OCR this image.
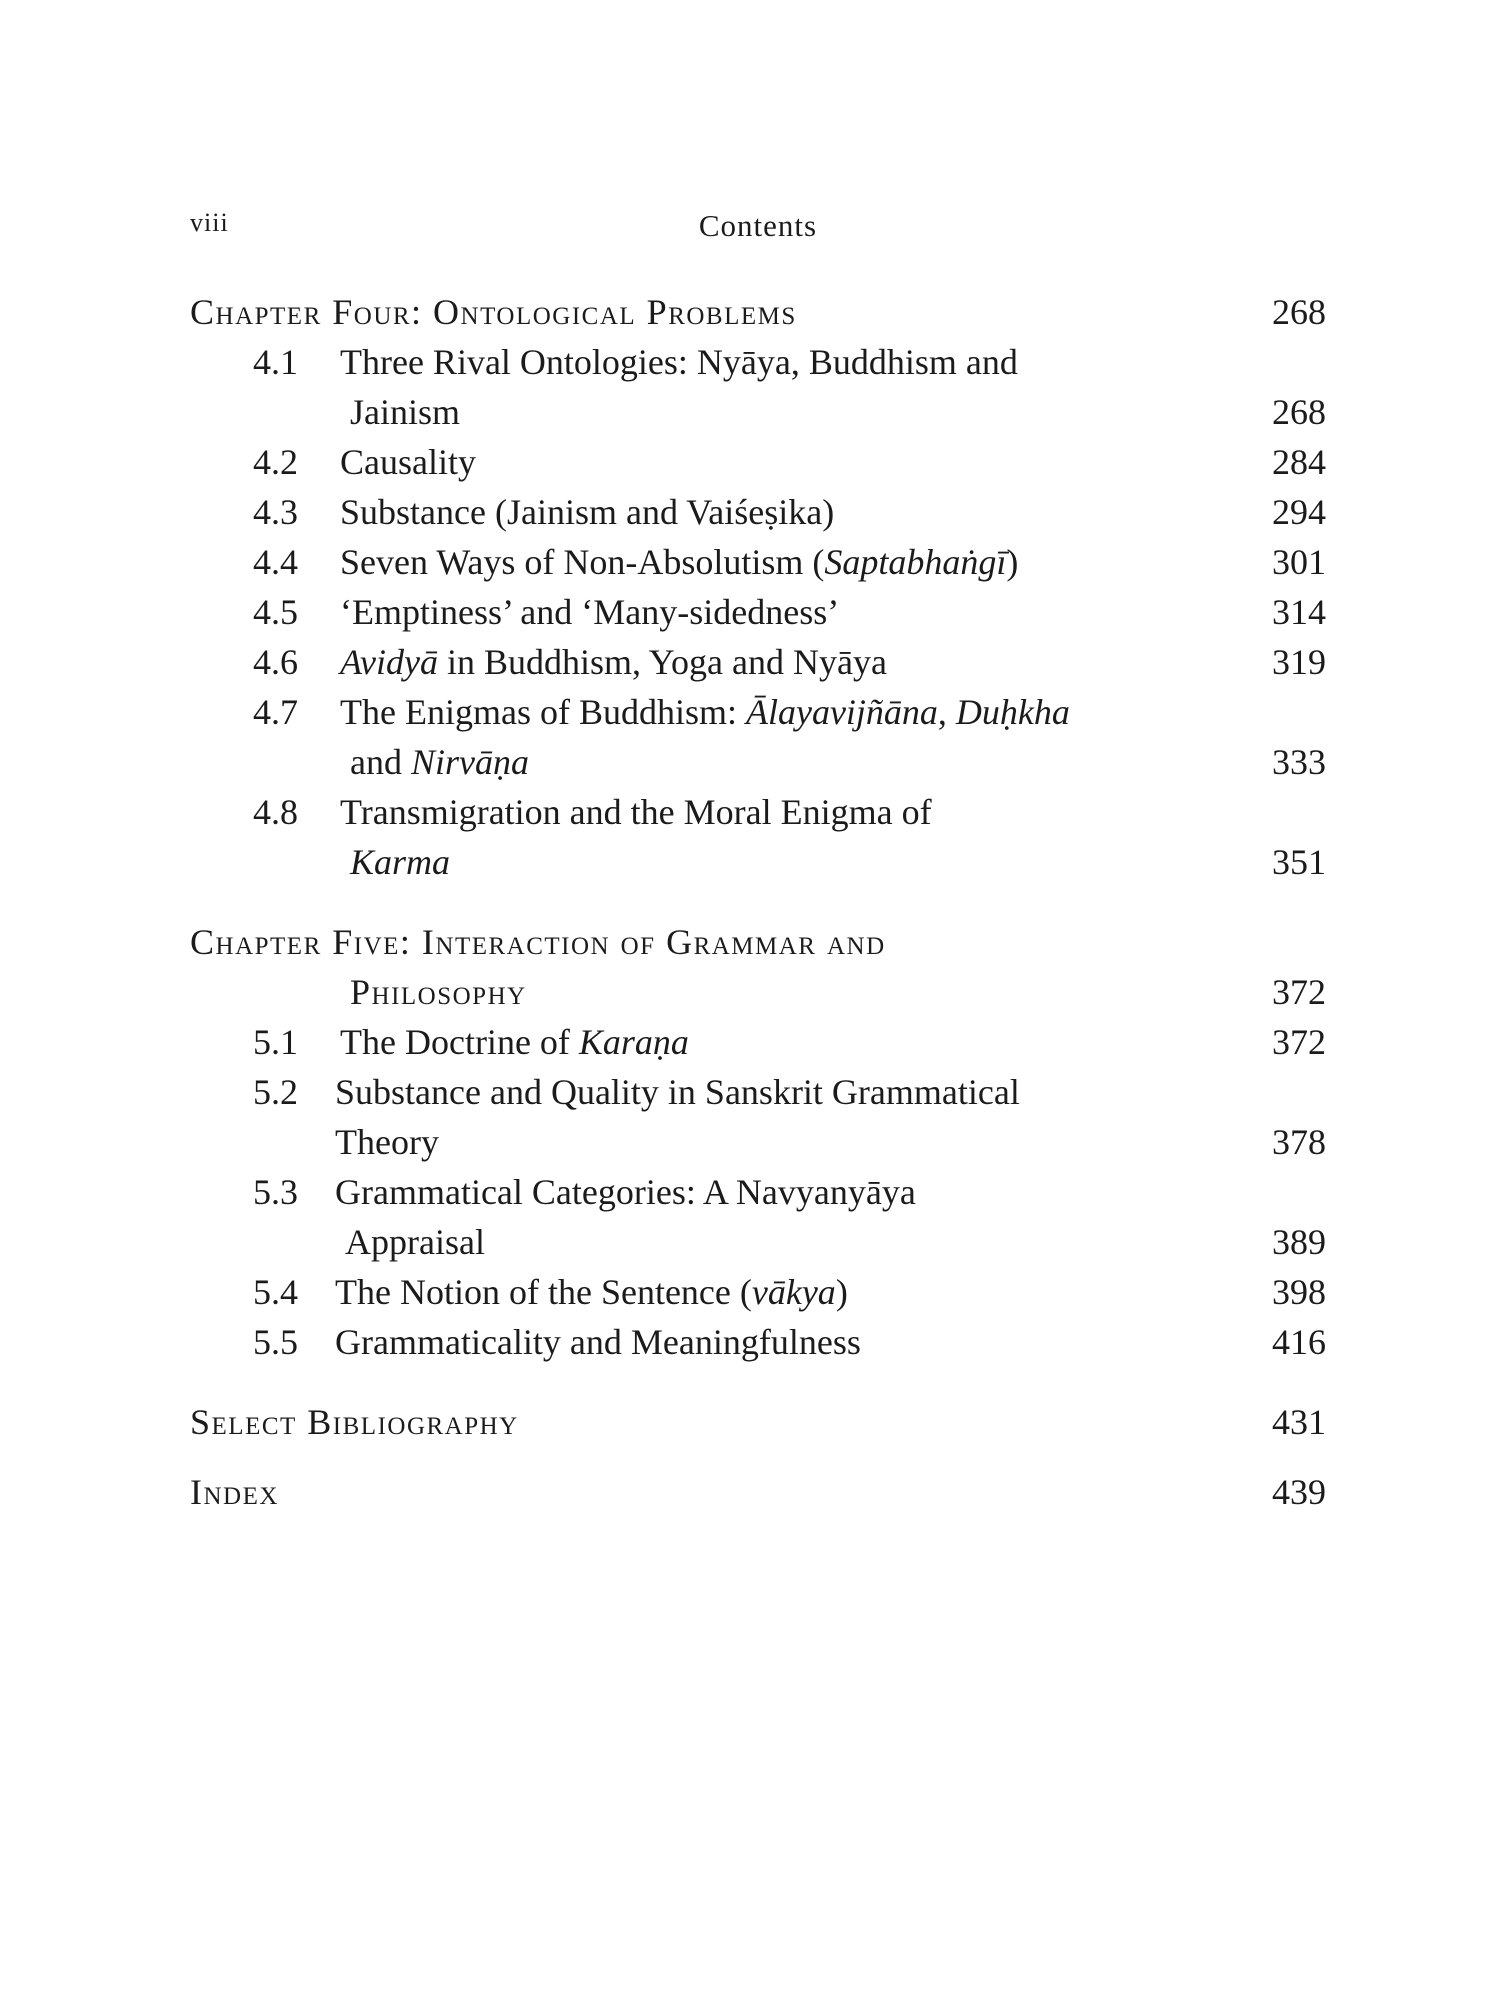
viii	Contents
Chapter Four: Ontological Problems	268
4.1 Three Rival Ontologies: Nyāya, Buddhism and
Jainism	268
4.2 Causality	284
4.3 Substance (Jainism and Vaiśeṣika)	294
4.4 Seven Ways of Non-Absolutism (Saptabhaṅgī)	301
4.5 ‘Emptiness’ and ‘Many-sidedness’	314
4.6 Avidyā in Buddhism, Yoga and Nyāya	319
4.7 The Enigmas of Buddhism: Ālayavijñāna, Duḥkha
and Nirvāṇa	333
4.8 Transmigration and the Moral Enigma of
Karma	351
Chapter Five: Interaction of Grammar and
Philosophy	372
5.1 The Doctrine of Karaṇa	372
5.2 Substance and Quality in Sanskrit Grammatical
Theory	378
5.3 Grammatical Categories: A Navyanyāya
Appraisal	389
5.4 The Notion of the Sentence (vākya)	398
5.5 Grammaticality and Meaningfulness	416
Select Bibliography	431
Index	439
